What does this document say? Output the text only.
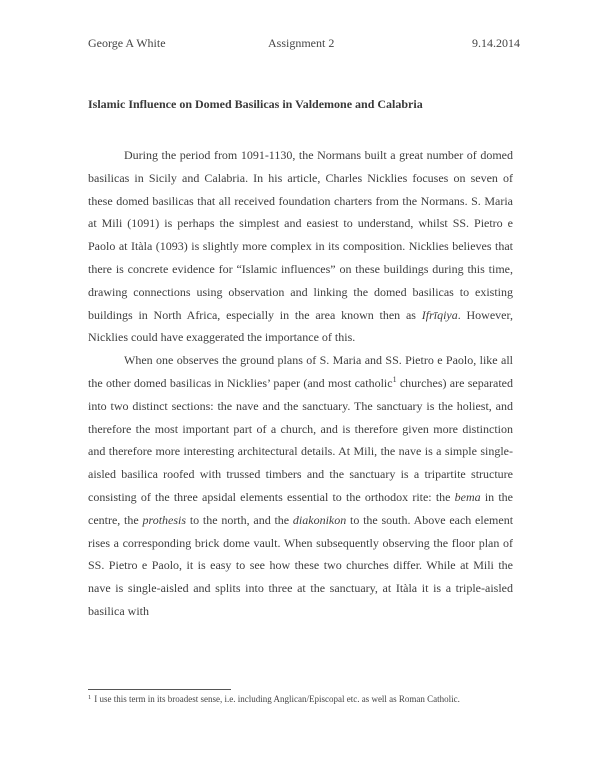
George A White	Assignment 2	9.14.2014
Islamic Influence on Domed Basilicas in Valdemone and Calabria

During the period from 1091-1130, the Normans built a great number of domed basilicas in Sicily and Calabria. In his article, Charles Nicklies focuses on seven of these domed basilicas that all received foundation charters from the Normans. S. Maria at Mili (1091) is perhaps the simplest and easiest to understand, whilst SS. Pietro e Paolo at Itàla (1093) is slightly more complex in its composition. Nicklies believes that there is concrete evidence for “Islamic influences” on these buildings during this time, drawing connections using observation and linking the domed basilicas to existing buildings in North Africa, especially in the area known then as Ifrīqiya. However, Nicklies could have exaggerated the importance of this.

When one observes the ground plans of S. Maria and SS. Pietro e Paolo, like all the other domed basilicas in Nicklies’ paper (and most catholic$^1$ churches) are separated into two distinct sections: the nave and the sanctuary. The sanctuary is the holiest, and therefore the most important part of a church, and is therefore given more distinction and therefore more interesting architectural details. At Mili, the nave is a simple single-aisled basilica roofed with trussed timbers and the sanctuary is a tripartite structure consisting of the three apsidal elements essential to the orthodox rite: the bema in the centre, the prothesis to the north, and the diakonikon to the south. Above each element rises a corresponding brick dome vault. When subsequently observing the floor plan of SS. Pietro e Paolo, it is easy to see how these two churches differ. While at Mili the nave is single-aisled and splits into three at the sanctuary, at Itàla it is a triple-aisled basilica with

$^1$ I use this term in its broadest sense, i.e. including Anglican/Episcopal etc. as well as Roman Catholic.
